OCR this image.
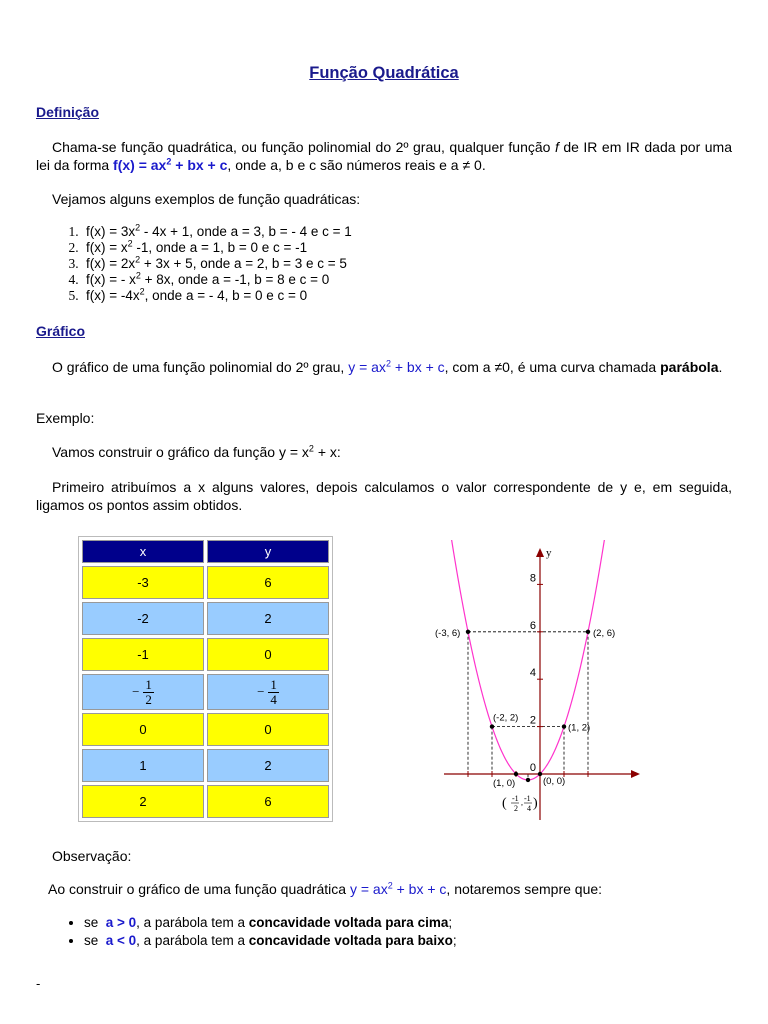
Função Quadrática
Definição
Chama-se função quadrática, ou função polinomial do 2º grau, qualquer função f de IR em IR dada por uma lei da forma $f(x) = ax^2$ + bx + c, onde a, b e c são números reais e a ≠ 0.
Vejamos alguns exemplos de função quadráticas:
1. $f(x) = 3x^2 - 4x + 1$, onde a = 3, b = - 4 e c = 1
2. $f(x) = x^2$ -1, onde a = 1, b = 0 e c = -1
3. $f(x) = 2x^2 + 3x + 5$, onde a = 2, b = 3 e c = 5
4. f(x) = - $x^2 + 8x$, onde a = -1, b = 8 e c = 0
5. $f(x) = -4x^2$, onde a = - 4, b = 0 e c = 0
Gráfico
O gráfico de uma função polinomial do 2º grau, $y = ax^2$ + bx + c, com a ≠0, é uma curva chamada parábola.
Exemplo:
Vamos construir o gráfico da função $y = x^2 + x$:
Primeiro atribuímos a x alguns valores, depois calculamos o valor correspondente de y e, em seguida, ligamos os pontos assim obtidos.
x	y
-3	6
-2	2
-1	0

− $\frac{1}{2}$	− $\frac{1}{4}$

0	0
1	2
2	6
y
0
2
4
6
8
(-3, 6)	(2, 6)
(-2, 2)
(1, 2)
(1, 0)	(0, 0)
( -1
2
, -1
4 )
Observação:
Ao construir o gráfico de uma função quadrática $y = ax^2$ + bx + c, notaremos sempre que:
• se  a > 0, a parábola tem a concavidade voltada para cima;
• se  a < 0, a parábola tem a concavidade voltada para baixo;
-
